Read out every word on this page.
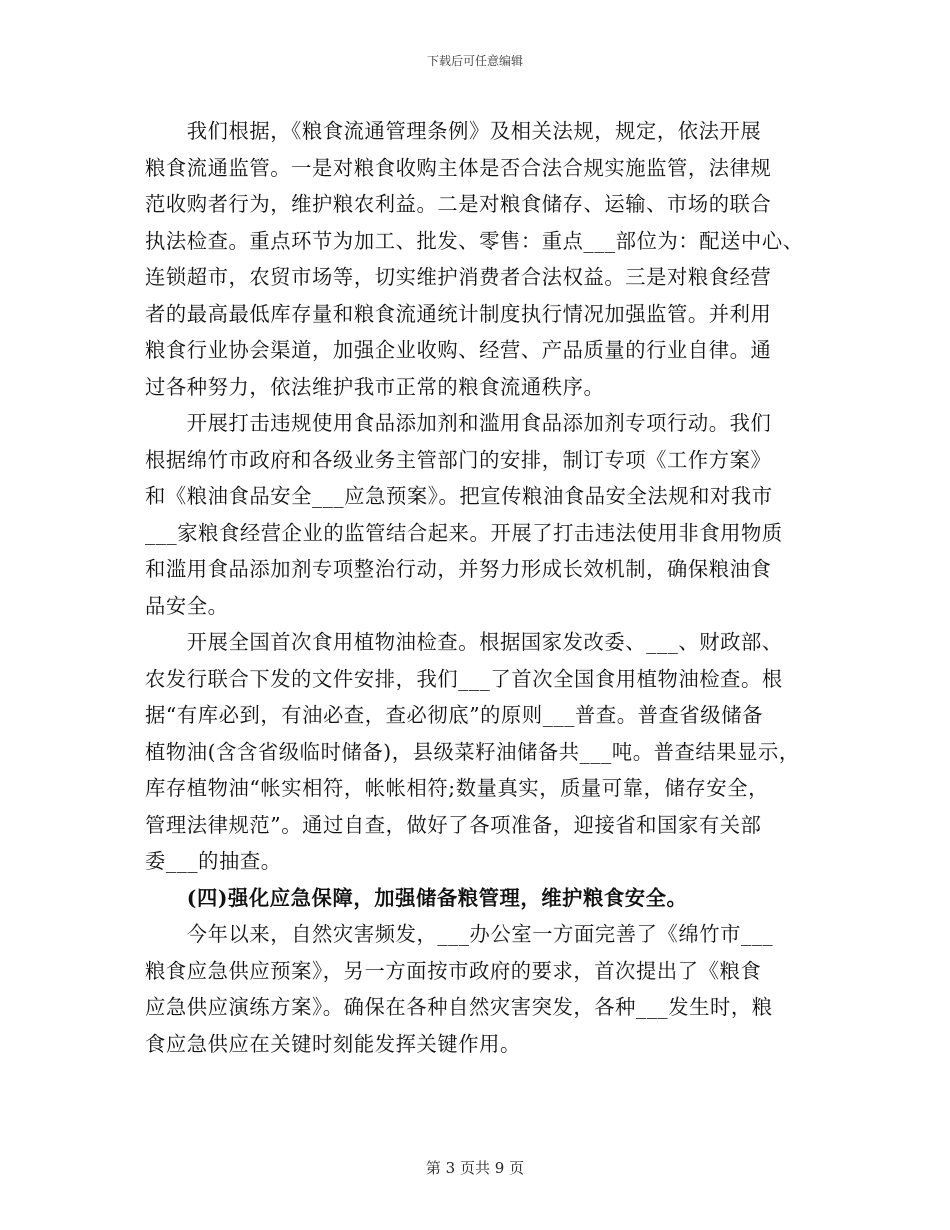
下载后可任意编辑
　　我们根据，《粮食流通管理条例》及相关法规，规定，依法开展
粮食流通监管。一是对粮食收购主体是否合法合规实施监管，法律规
范收购者行为，维护粮农利益。二是对粮食储存、运输、市场的联合
执法检查。重点环节为加工、批发、零售：重点___部位为：配送中心、
连锁超市，农贸市场等，切实维护消费者合法权益。三是对粮食经营
者的最高最低库存量和粮食流通统计制度执行情况加强监管。并利用
粮食行业协会渠道，加强企业收购、经营、产品质量的行业自律。通
过各种努力，依法维护我市正常的粮食流通秩序。
　　开展打击违规使用食品添加剂和滥用食品添加剂专项行动。我们
根据绵竹市政府和各级业务主管部门的安排，制订专项《工作方案》
和《粮油食品安全___应急预案》。把宣传粮油食品安全法规和对我市
___家粮食经营企业的监管结合起来。开展了打击违法使用非食用物质
和滥用食品添加剂专项整治行动，并努力形成长效机制，确保粮油食
品安全。
　　开展全国首次食用植物油检查。根据国家发改委、___、财政部、
农发行联合下发的文件安排，我们___了首次全国食用植物油检查。根
据“有库必到，有油必查，查必彻底”的原则___普查。普查省级储备
植物油(含含省级临时储备)，县级菜籽油储备共___吨。普查结果显示，
库存植物油“帐实相符，帐帐相符;数量真实，质量可靠，储存安全，
管理法律规范”。通过自查，做好了各项准备，迎接省和国家有关部
委___的抽查。
　　(四)强化应急保障，加强储备粮管理，维护粮食安全。
　　今年以来，自然灾害频发，___办公室一方面完善了《绵竹市___
粮食应急供应预案》，另一方面按市政府的要求，首次提出了《粮食
应急供应演练方案》。确保在各种自然灾害突发，各种___发生时，粮
食应急供应在关键时刻能发挥关键作用。
第 3 页共 9 页
